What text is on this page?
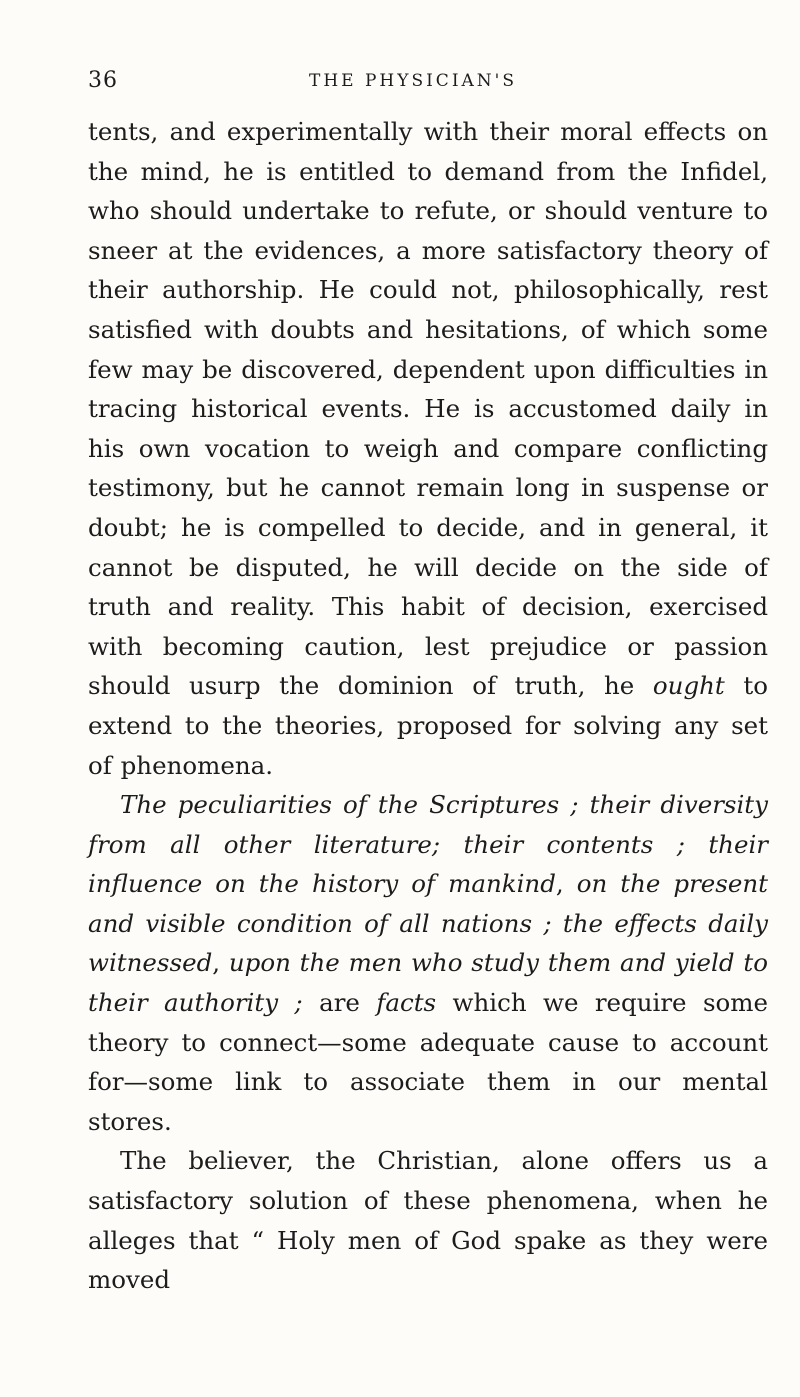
36	THE PHYSICIAN'S

tents, and experimentally with their moral effects on the mind, he is entitled to demand from the Infidel, who should undertake to refute, or should venture to sneer at the evidences, a more satisfactory theory of their authorship. He could not, philosophically, rest satisfied with doubts and hesitations, of which some few may be discovered, dependent upon difficulties in tracing historical events. He is accustomed daily in his own vocation to weigh and compare conflicting testimony, but he cannot remain long in suspense or doubt; he is compelled to decide, and in general, it cannot be disputed, he will decide on the side of truth and reality. This habit of decision, exercised with becoming caution, lest prejudice or passion should usurp the dominion of truth, he ought to extend to the theories, proposed for solving any set of phenomena.

The peculiarities of the Scriptures ; their diversity from all other literature; their contents ; their influence on the history of mankind, on the present and visible condition of all nations ; the effects daily witnessed, upon the men who study them and yield to their authority ; are facts which we require some theory to connect—some adequate cause to account for—some link to associate them in our mental stores.

The believer, the Christian, alone offers us a satisfactory solution of these phenomena, when he alleges that “ Holy men of God spake as they were moved
